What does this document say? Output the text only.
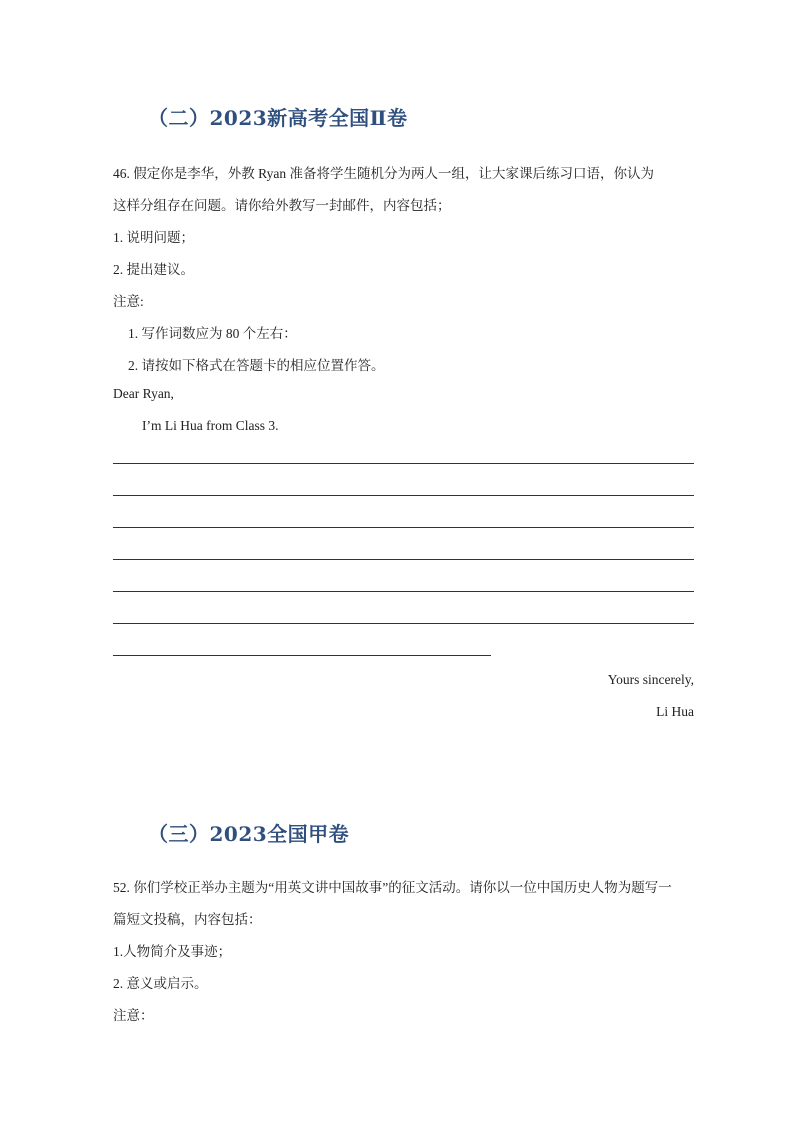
（二）2023新高考全国Ⅱ卷
46. 假定你是李华，外教 Ryan 准备将学生随机分为两人一组，让大家课后练习口语，你认为
这样分组存在问题。请你给外教写一封邮件，内容包括；
1. 说明问题；
2. 提出建议。
注意:
1. 写作词数应为 80 个左右：
2. 请按如下格式在答题卡的相应位置作答。
Dear Ryan,
I’m Li Hua from Class 3.
Yours sincerely,
Li Hua
（三）2023全国甲卷
52. 你们学校正举办主题为“用英文讲中国故事”的征文活动。请你以一位中国历史人物为题写一
篇短文投稿，内容包括：
1.人物简介及事迹；
2. 意义或启示。
注意：
